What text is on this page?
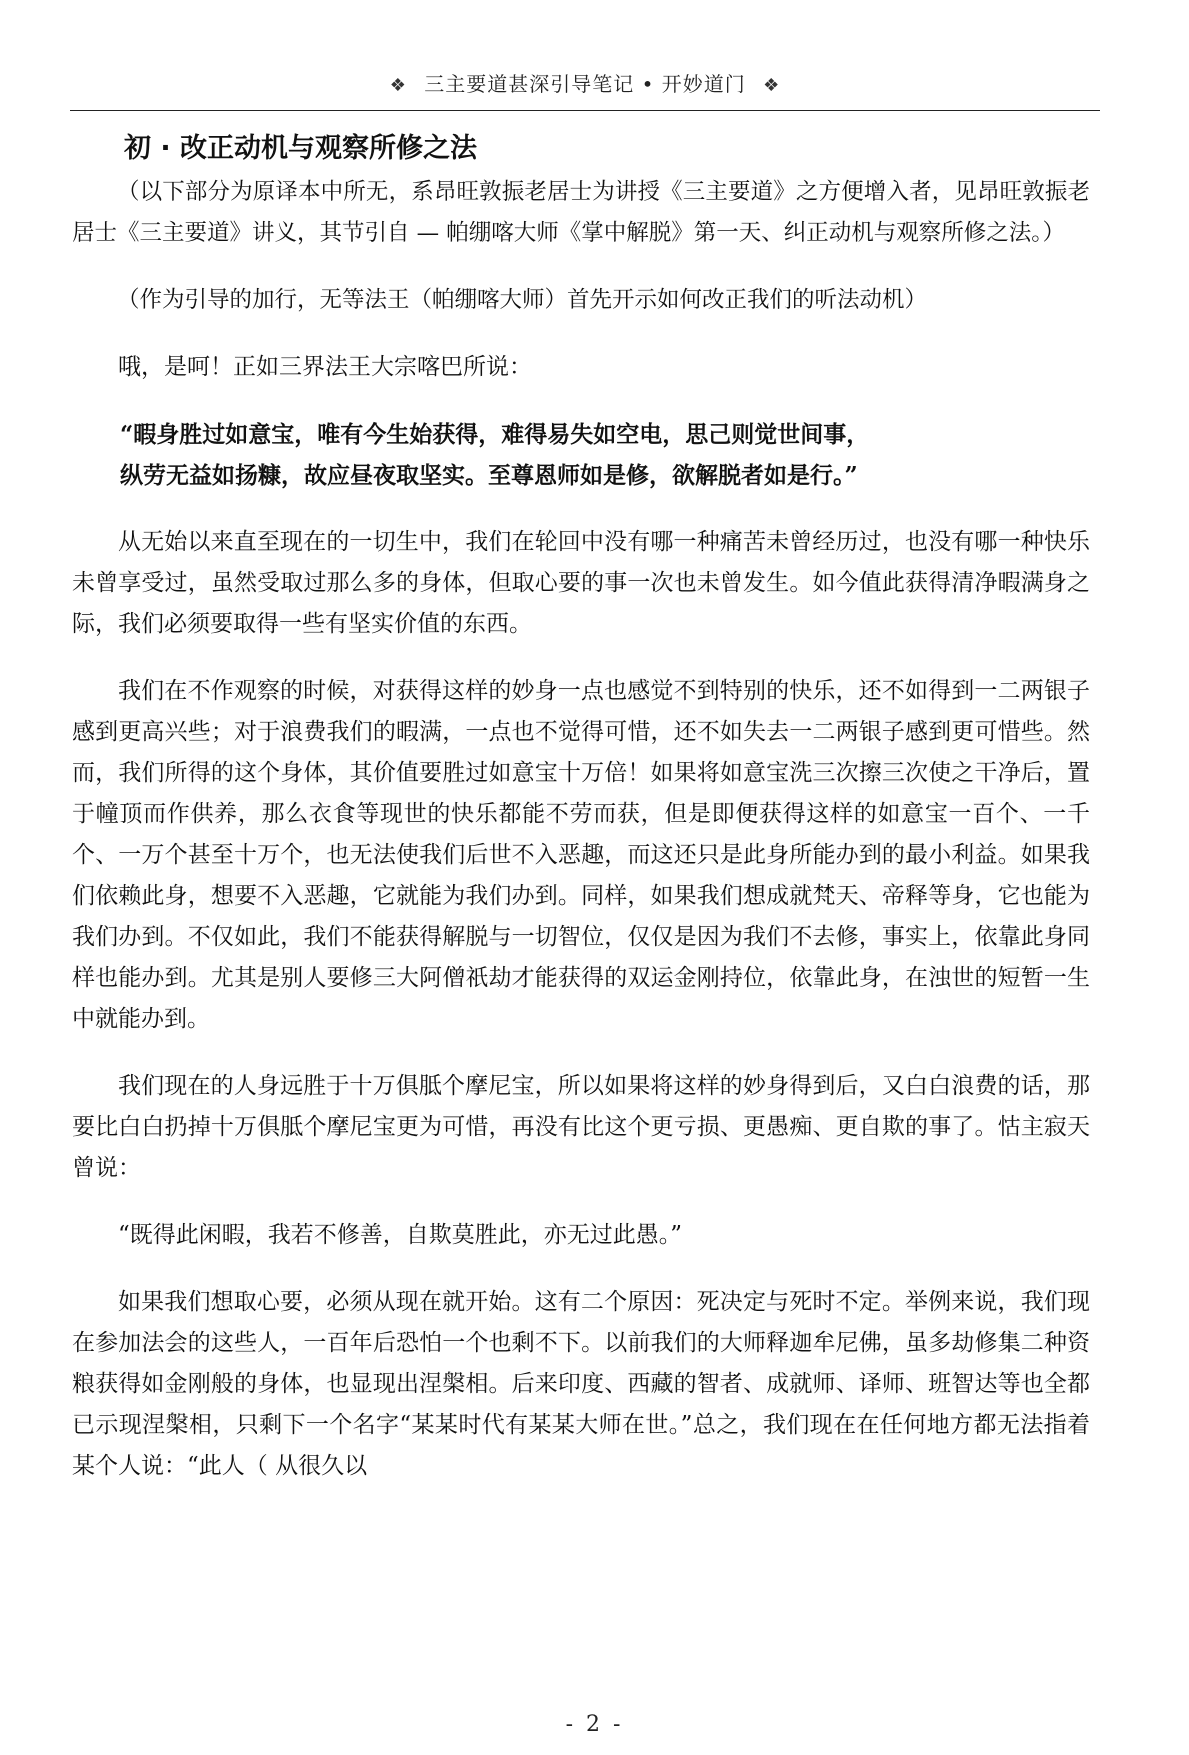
❖ 三主要道甚深引导笔记 • 开妙道门 ❖
初 · 改正动机与观察所修之法

（以下部分为原译本中所无，系昂旺敦振老居士为讲授《三主要道》之方便增入者，见昂旺敦振老居士《三主要道》讲义，其节引自 — 帕绷喀大师《掌中解脱》第一天、纠正动机与观察所修之法。）

（作为引导的加行，无等法王（帕绷喀大师）首先开示如何改正我们的听法动机）

哦，是呵！正如三界法王大宗喀巴所说：

“暇身胜过如意宝，唯有今生始获得，难得易失如空电，思己则觉世间事，
纵劳无益如扬糠，故应昼夜取坚实。至尊恩师如是修，欲解脱者如是行。”

从无始以来直至现在的一切生中，我们在轮回中没有哪一种痛苦未曾经历过，也没有哪一种快乐未曾享受过，虽然受取过那么多的身体，但取心要的事一次也未曾发生。如今值此获得清净暇满身之际，我们必须要取得一些有坚实价值的东西。

我们在不作观察的时候，对获得这样的妙身一点也感觉不到特别的快乐，还不如得到一二两银子感到更高兴些；对于浪费我们的暇满，一点也不觉得可惜，还不如失去一二两银子感到更可惜些。然而，我们所得的这个身体，其价值要胜过如意宝十万倍！如果将如意宝洗三次擦三次使之干净后，置于幢顶而作供养，那么衣食等现世的快乐都能不劳而获，但是即便获得这样的如意宝一百个、一千个、一万个甚至十万个，也无法使我们后世不入恶趣，而这还只是此身所能办到的最小利益。如果我们依赖此身，想要不入恶趣，它就能为我们办到。同样，如果我们想成就梵天、帝释等身，它也能为我们办到。不仅如此，我们不能获得解脱与一切智位，仅仅是因为我们不去修，事实上，依靠此身同样也能办到。尤其是别人要修三大阿僧祇劫才能获得的双运金刚持位，依靠此身，在浊世的短暂一生中就能办到。

我们现在的人身远胜于十万俱胝个摩尼宝，所以如果将这样的妙身得到后，又白白浪费的话，那要比白白扔掉十万俱胝个摩尼宝更为可惜，再没有比这个更亏损、更愚痴、更自欺的事了。怙主寂天曾说：

“既得此闲暇，我若不修善，自欺莫胜此，亦无过此愚。”

如果我们想取心要，必须从现在就开始。这有二个原因：死决定与死时不定。举例来说，我们现在参加法会的这些人，一百年后恐怕一个也剩不下。以前我们的大师释迦牟尼佛，虽多劫修集二种资粮获得如金刚般的身体，也显现出涅槃相。后来印度、西藏的智者、成就师、译师、班智达等也全都已示现涅槃相，只剩下一个名字“某某时代有某某大师在世。”总之，我们现在在任何地方都无法指着某个人说：“此人（ 从很久以

- 2 -
